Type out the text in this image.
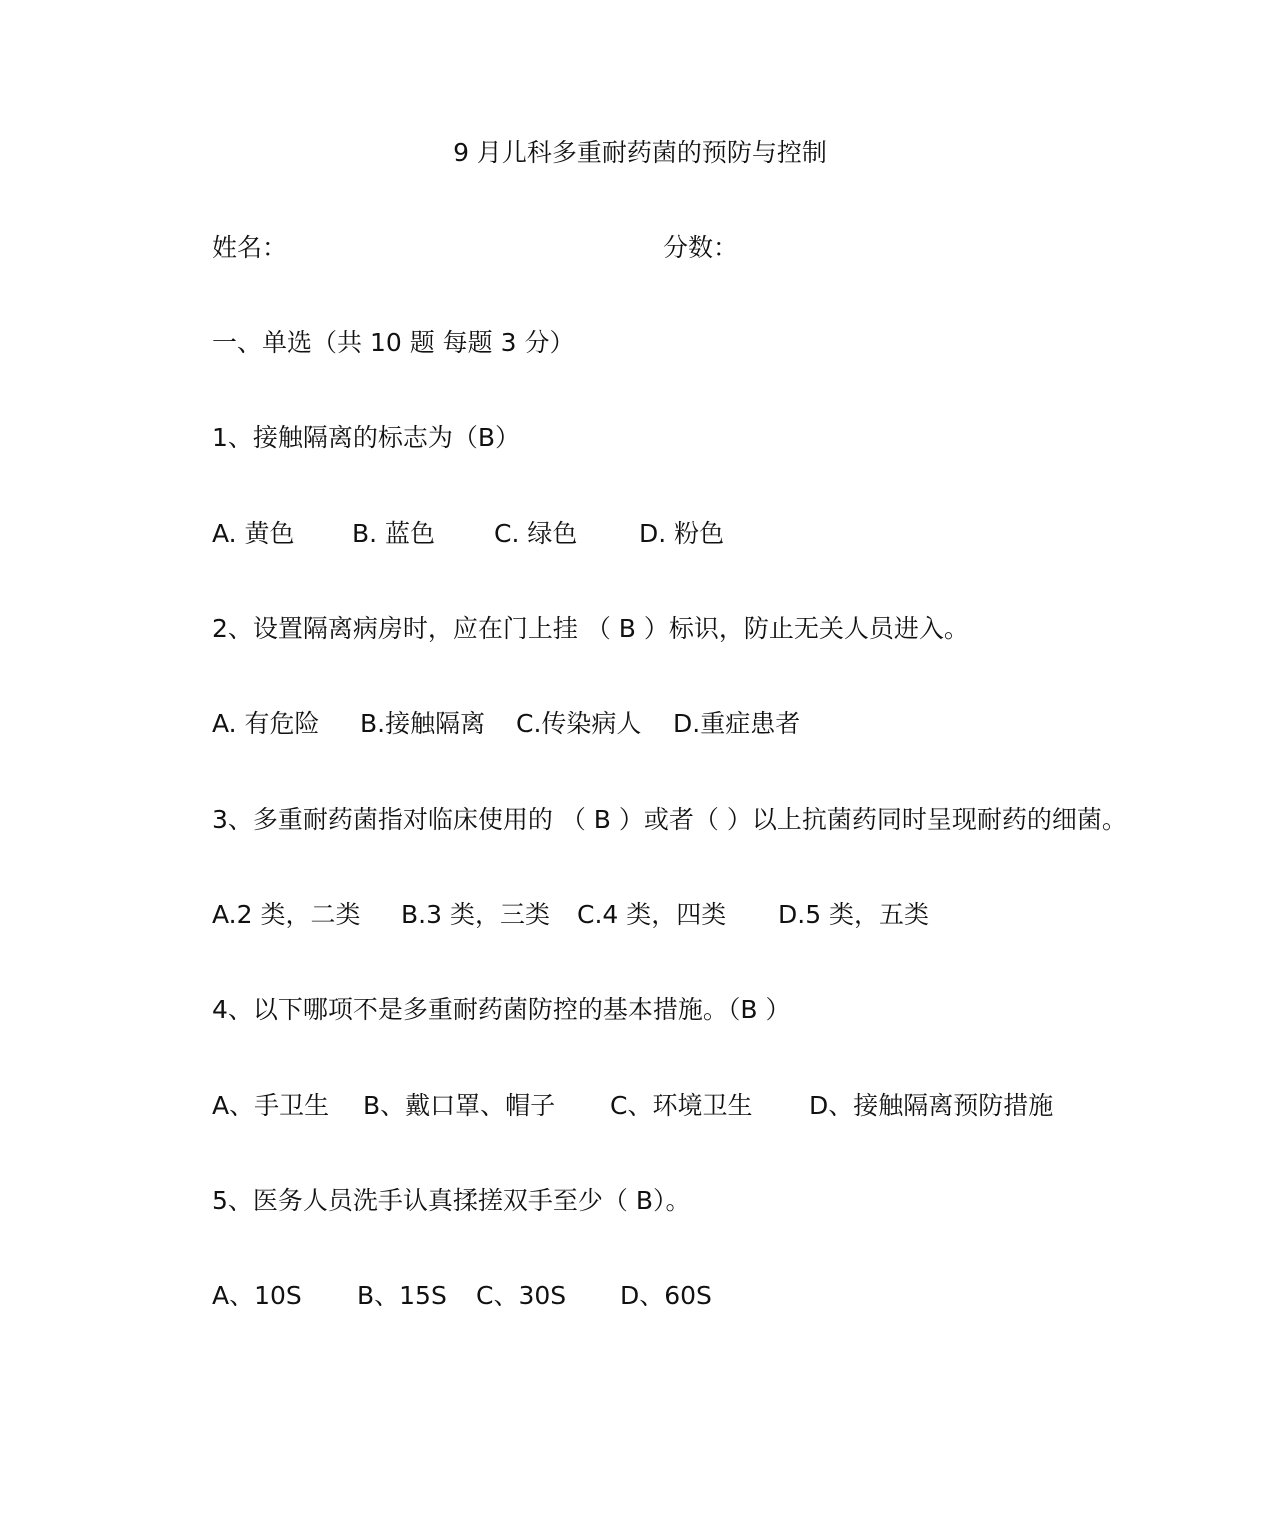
9 月儿科多重耐药菌的预防与控制
姓名：	分数：
一、单选（共 10 题 每题 3 分）
1、接触隔离的标志为（B）
A. 黄色 B. 蓝色 C. 绿色 D. 粉色
2、设置隔离病房时，应在门上挂 （ B ）标识，防止无关人员进入。
A. 有危险 B.接触隔离 C.传染病人 D.重症患者
3、多重耐药菌指对临床使用的 （ B ）或者（ ）以上抗菌药同时呈现耐药的细菌。
A.2 类，二类 B.3 类，三类 C.4 类，四类 D.5 类，五类
4、以下哪项不是多重耐药菌防控的基本措施。（B ）
A、手卫生 B、戴口罩、帽子 C、环境卫生 D、接触隔离预防措施
5、医务人员洗手认真揉搓双手至少（ B）。
A、10S B、15S C、30S D、60S
